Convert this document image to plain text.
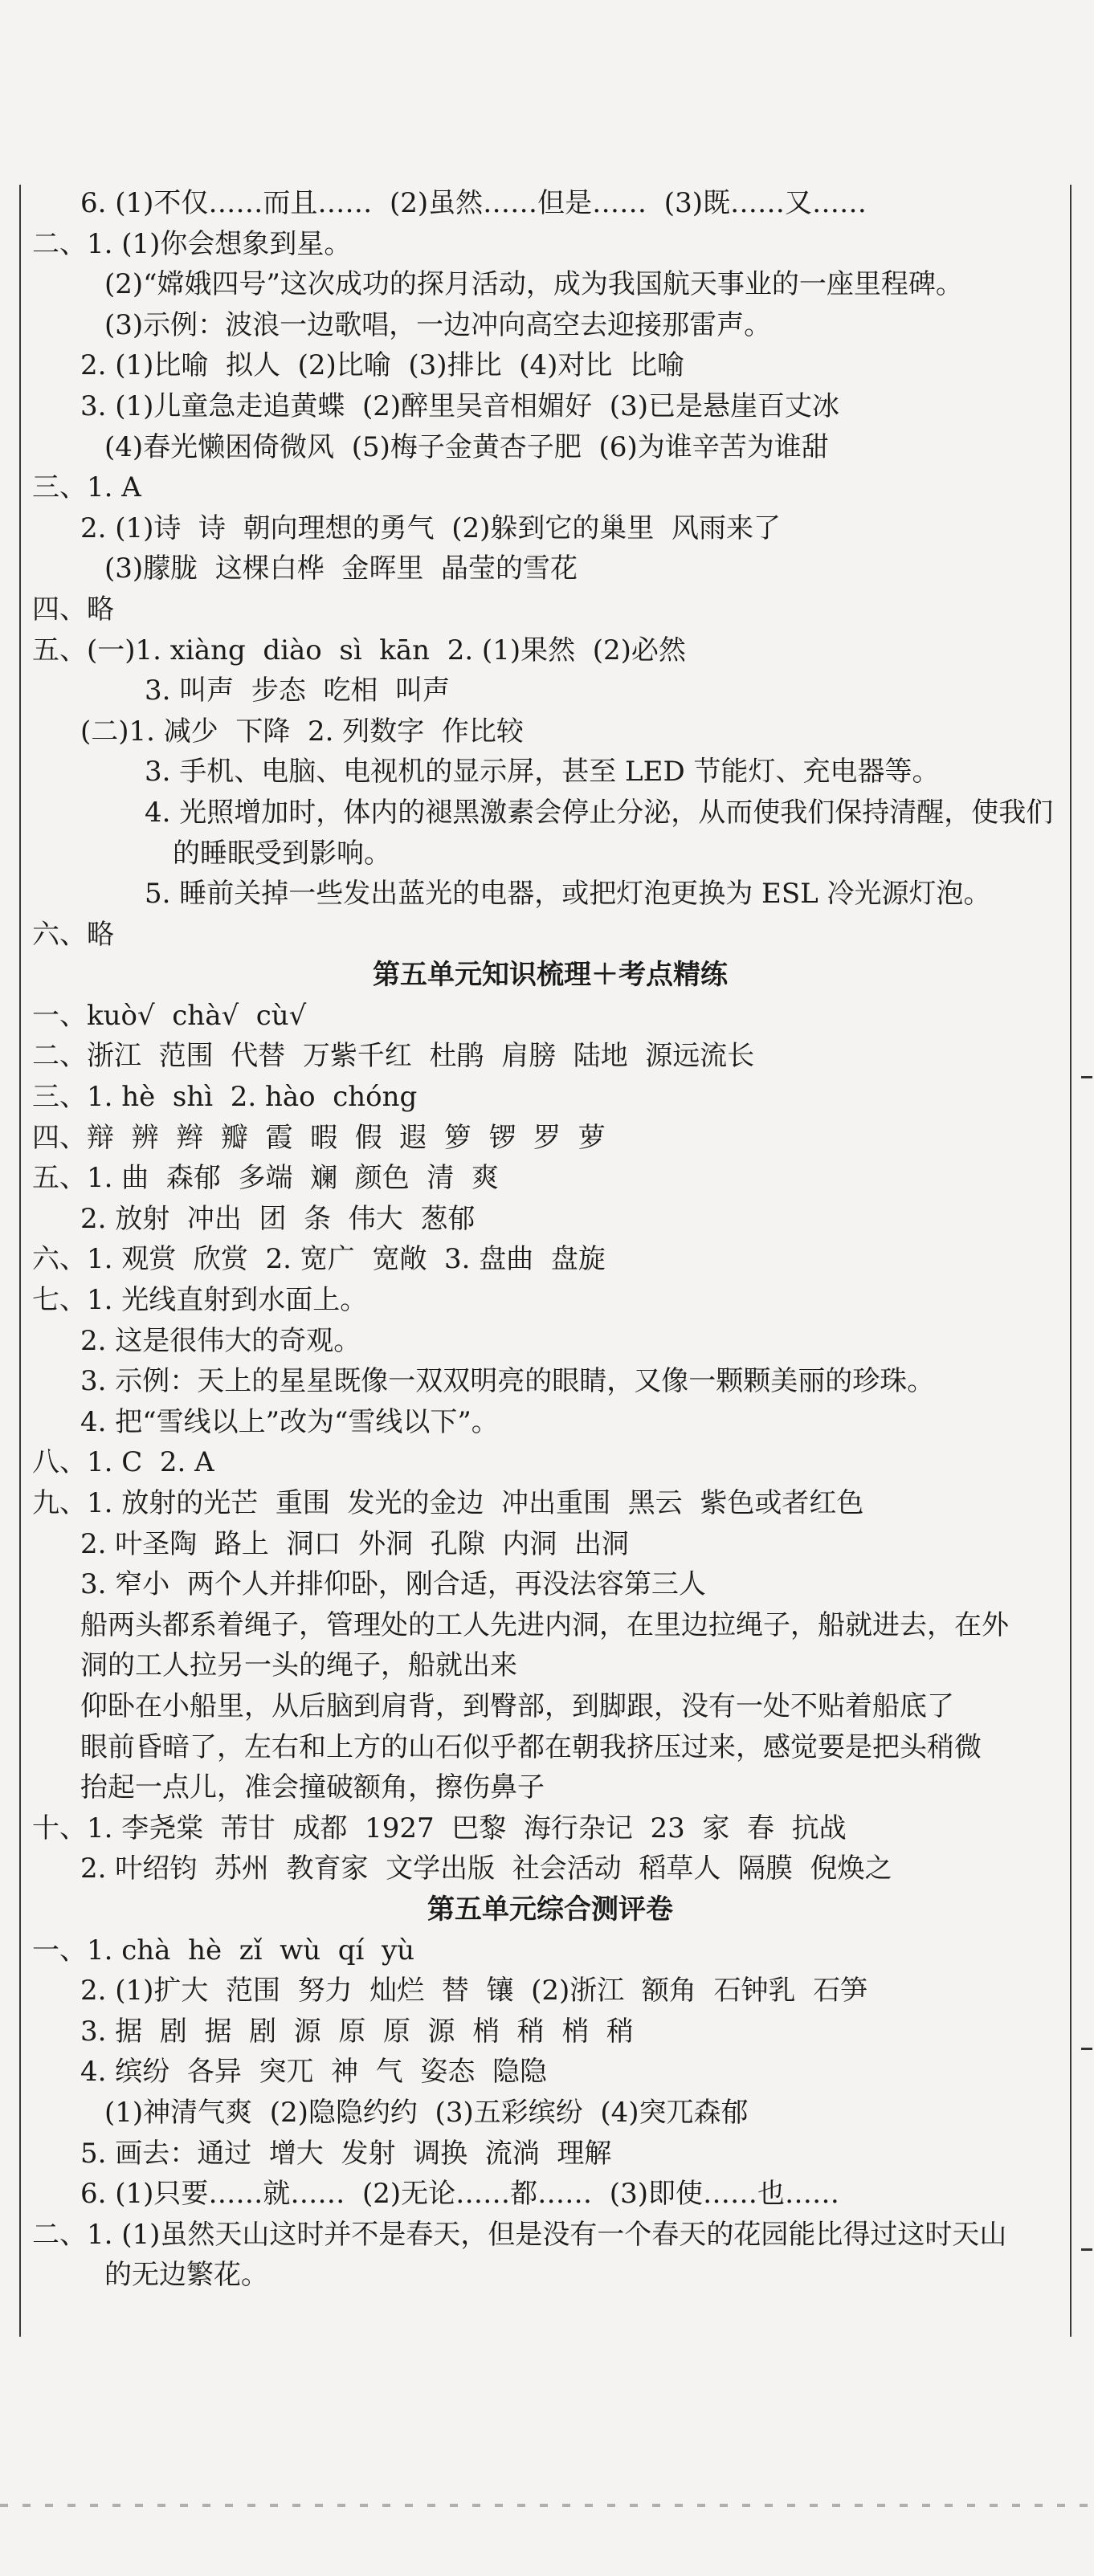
6. (1)不仅……而且……  (2)虽然……但是……  (3)既……又……
二、1. (1)你会想象到星。
(2)“嫦娥四号”这次成功的探月活动，成为我国航天事业的一座里程碑。
(3)示例：波浪一边歌唱，一边冲向高空去迎接那雷声。
2. (1)比喻  拟人  (2)比喻  (3)排比  (4)对比  比喻
3. (1)儿童急走追黄蝶  (2)醉里吴音相媚好  (3)已是悬崖百丈冰
(4)春光懒困倚微风  (5)梅子金黄杏子肥  (6)为谁辛苦为谁甜
三、1. A
2. (1)诗  诗  朝向理想的勇气  (2)躲到它的巢里  风雨来了
(3)朦胧  这棵白桦  金晖里  晶莹的雪花
四、略
五、(一)1. xiàng  diào  sì  kān  2. (1)果然  (2)必然
3. 叫声  步态  吃相  叫声
(二)1. 减少  下降  2. 列数字  作比较
3. 手机、电脑、电视机的显示屏，甚至 LED 节能灯、充电器等。
4. 光照增加时，体内的褪黑激素会停止分泌，从而使我们保持清醒，使我们
的睡眠受到影响。
5. 睡前关掉一些发出蓝光的电器，或把灯泡更换为 ESL 冷光源灯泡。
六、略
第五单元知识梳理＋考点精练
一、kuò√  chà√  cù√
二、浙江  范围  代替  万紫千红  杜鹃  肩膀  陆地  源远流长
三、1. hè  shì  2. hào  chóng
四、辩  辨  辫  瓣  霞  暇  假  遐  箩  锣  罗  萝
五、1. 曲  森郁  多端  斓  颜色  清  爽
2. 放射  冲出  团  条  伟大  葱郁
六、1. 观赏  欣赏  2. 宽广  宽敞  3. 盘曲  盘旋
七、1. 光线直射到水面上。
2. 这是很伟大的奇观。
3. 示例：天上的星星既像一双双明亮的眼睛，又像一颗颗美丽的珍珠。
4. 把“雪线以上”改为“雪线以下”。
八、1. C  2. A
九、1. 放射的光芒  重围  发光的金边  冲出重围  黑云  紫色或者红色
2. 叶圣陶  路上  洞口  外洞  孔隙  内洞  出洞
3. 窄小  两个人并排仰卧，刚合适，再没法容第三人
船两头都系着绳子，管理处的工人先进内洞，在里边拉绳子，船就进去，在外
洞的工人拉另一头的绳子，船就出来
仰卧在小船里，从后脑到肩背，到臀部，到脚跟，没有一处不贴着船底了
眼前昏暗了，左右和上方的山石似乎都在朝我挤压过来，感觉要是把头稍微
抬起一点儿，准会撞破额角，擦伤鼻子
十、1. 李尧棠  芾甘  成都  1927  巴黎  海行杂记  23  家  春  抗战
2. 叶绍钧  苏州  教育家  文学出版  社会活动  稻草人  隔膜  倪焕之
第五单元综合测评卷
一、1. chà  hè  zǐ  wù  qí  yù
2. (1)扩大  范围  努力  灿烂  替  镶  (2)浙江  额角  石钟乳  石笋
3. 据  剧  据  剧  源  原  原  源  梢  稍  梢  稍
4. 缤纷  各异  突兀  神  气  姿态  隐隐
(1)神清气爽  (2)隐隐约约  (3)五彩缤纷  (4)突兀森郁
5. 画去：通过  增大  发射  调换  流淌  理解
6. (1)只要……就……  (2)无论……都……  (3)即使……也……
二、1. (1)虽然天山这时并不是春天，但是没有一个春天的花园能比得过这时天山
的无边繁花。
